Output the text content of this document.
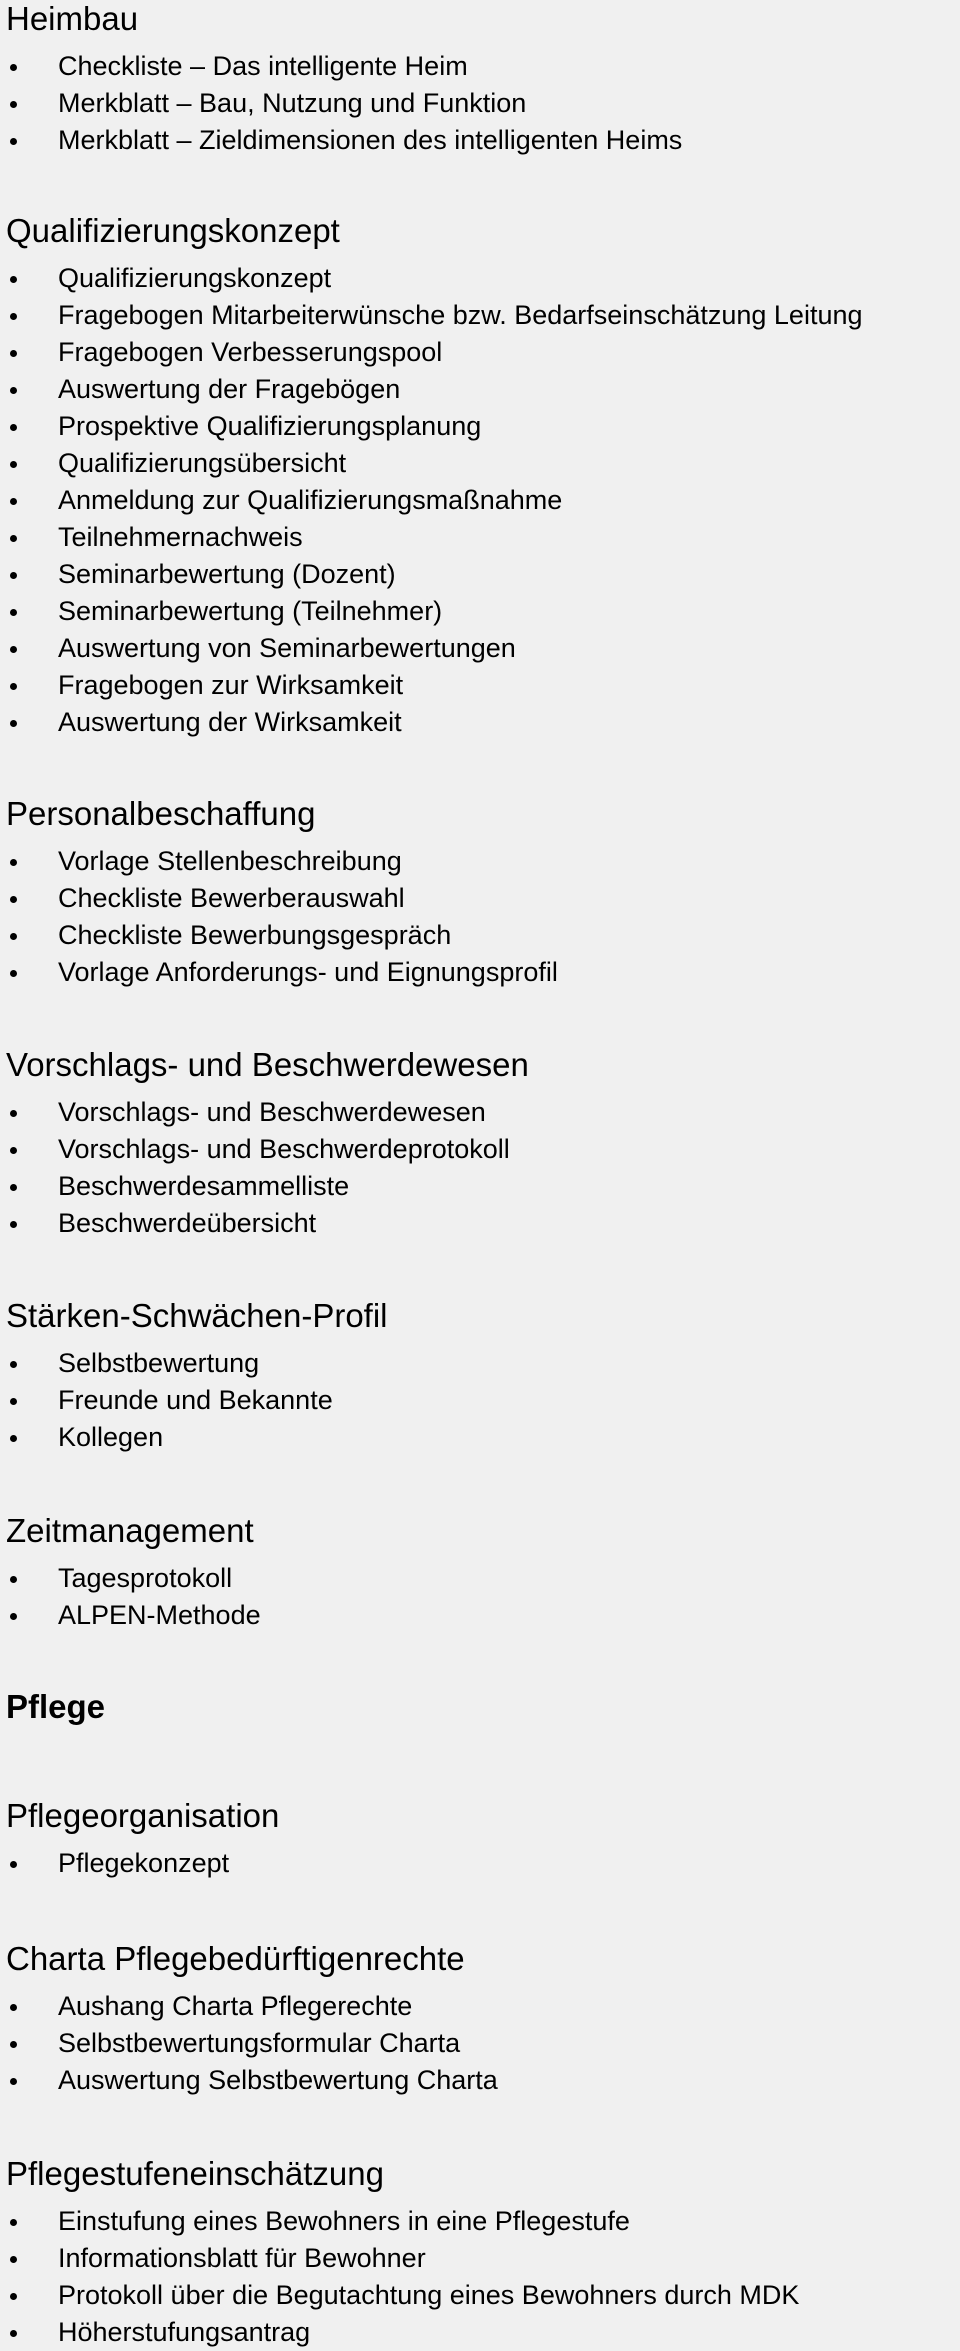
Heimbau
Checkliste – Das intelligente Heim
Merkblatt – Bau, Nutzung und Funktion
Merkblatt – Zieldimensionen des intelligenten Heims
Qualifizierungskonzept
Qualifizierungskonzept
Fragebogen Mitarbeiterwünsche bzw. Bedarfseinschätzung Leitung
Fragebogen Verbesserungspool
Auswertung der Fragebögen
Prospektive Qualifizierungsplanung
Qualifizierungsübersicht
Anmeldung zur Qualifizierungsmaßnahme
Teilnehmernachweis
Seminarbewertung (Dozent)
Seminarbewertung (Teilnehmer)
Auswertung von Seminarbewertungen
Fragebogen zur Wirksamkeit
Auswertung der Wirksamkeit
Personalbeschaffung
Vorlage Stellenbeschreibung
Checkliste Bewerberauswahl
Checkliste Bewerbungsgespräch
Vorlage Anforderungs- und Eignungsprofil
Vorschlags- und Beschwerdewesen
Vorschlags- und Beschwerdewesen
Vorschlags- und Beschwerdeprotokoll
Beschwerdesammelliste
Beschwerdeübersicht
Stärken-Schwächen-Profil
Selbstbewertung
Freunde und Bekannte
Kollegen
Zeitmanagement
Tagesprotokoll
ALPEN-Methode
Pflege
Pflegeorganisation
Pflegekonzept
Charta Pflegebedürftigenrechte
Aushang Charta Pflegerechte
Selbstbewertungsformular Charta
Auswertung Selbstbewertung Charta
Pflegestufeneinschätzung
Einstufung eines Bewohners in eine Pflegestufe
Informationsblatt für Bewohner
Protokoll über die Begutachtung eines Bewohners durch MDK
Höherstufungsantrag
